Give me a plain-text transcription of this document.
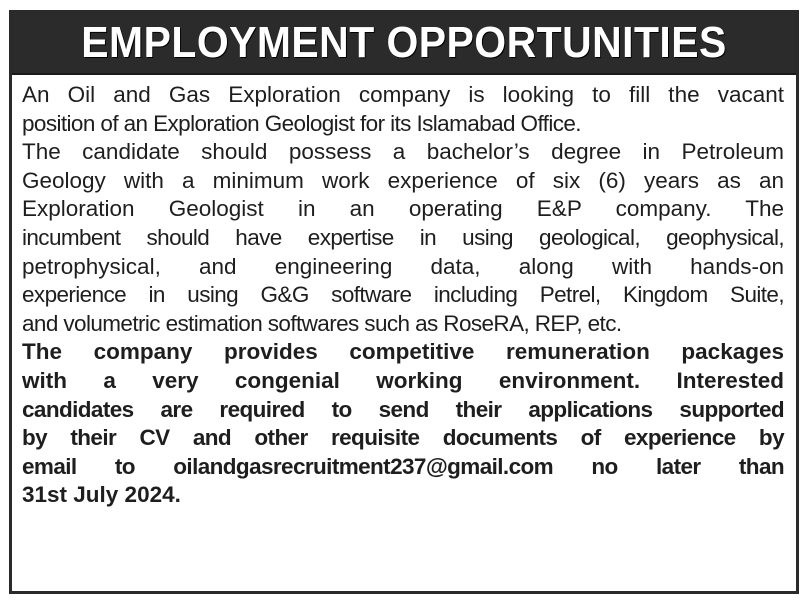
EMPLOYMENT OPPORTUNITIES
An Oil and Gas Exploration company is looking to fill the vacant
position of an Exploration Geologist for its Islamabad Office.
The candidate should possess a bachelor’s degree in Petroleum
Geology with a minimum work experience of six (6) years as an
Exploration Geologist in an operating E&P company. The
incumbent should have expertise in using geological, geophysical,
petrophysical, and engineering data, along with hands-on
experience in using G&G software including Petrel, Kingdom Suite,
and volumetric estimation softwares such as RoseRA, REP, etc.
The company provides competitive remuneration packages
with a very congenial working environment. Interested
candidates are required to send their applications supported
by their CV and other requisite documents of experience by
email to oilandgasrecruitment237@gmail.com no later than
31st July 2024.
